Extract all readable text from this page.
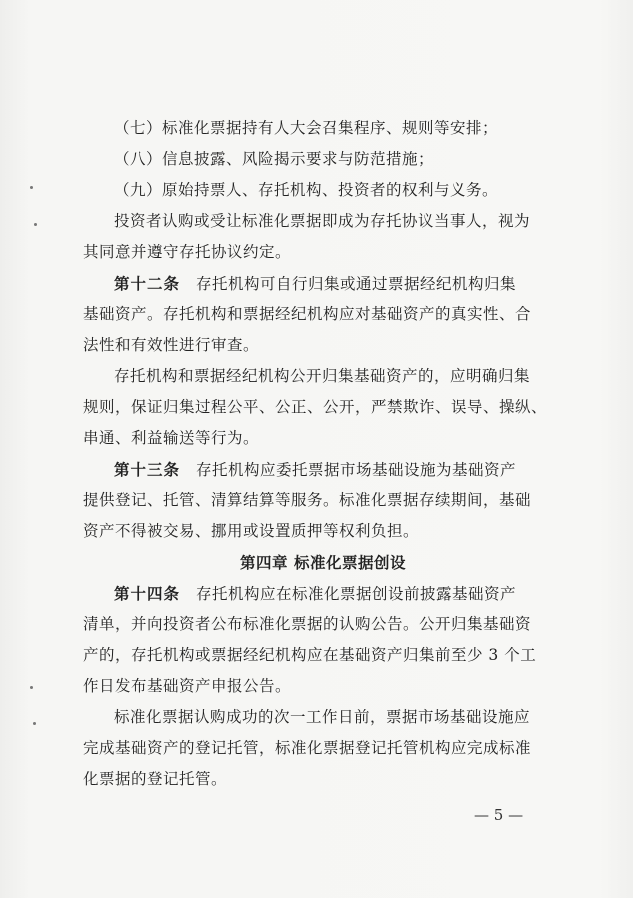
（七）标准化票据持有人大会召集程序、规则等安排；
（八）信息披露、风险揭示要求与防范措施；
（九）原始持票人、存托机构、投资者的权利与义务。
投资者认购或受让标准化票据即成为存托协议当事人，视为
其同意并遵守存托协议约定。
第十二条 存托机构可自行归集或通过票据经纪机构归集
基础资产。存托机构和票据经纪机构应对基础资产的真实性、合
法性和有效性进行审查。
存托机构和票据经纪机构公开归集基础资产的，应明确归集
规则，保证归集过程公平、公正、公开，严禁欺诈、误导、操纵、
串通、利益输送等行为。
第十三条 存托机构应委托票据市场基础设施为基础资产
提供登记、托管、清算结算等服务。标准化票据存续期间，基础
资产不得被交易、挪用或设置质押等权利负担。
第四章 标准化票据创设
第十四条 存托机构应在标准化票据创设前披露基础资产
清单，并向投资者公布标准化票据的认购公告。公开归集基础资
产的，存托机构或票据经纪机构应在基础资产归集前至少 3 个工
作日发布基础资产申报公告。
标准化票据认购成功的次一工作日前，票据市场基础设施应
完成基础资产的登记托管，标准化票据登记托管机构应完成标准
化票据的登记托管。
— 5 —
